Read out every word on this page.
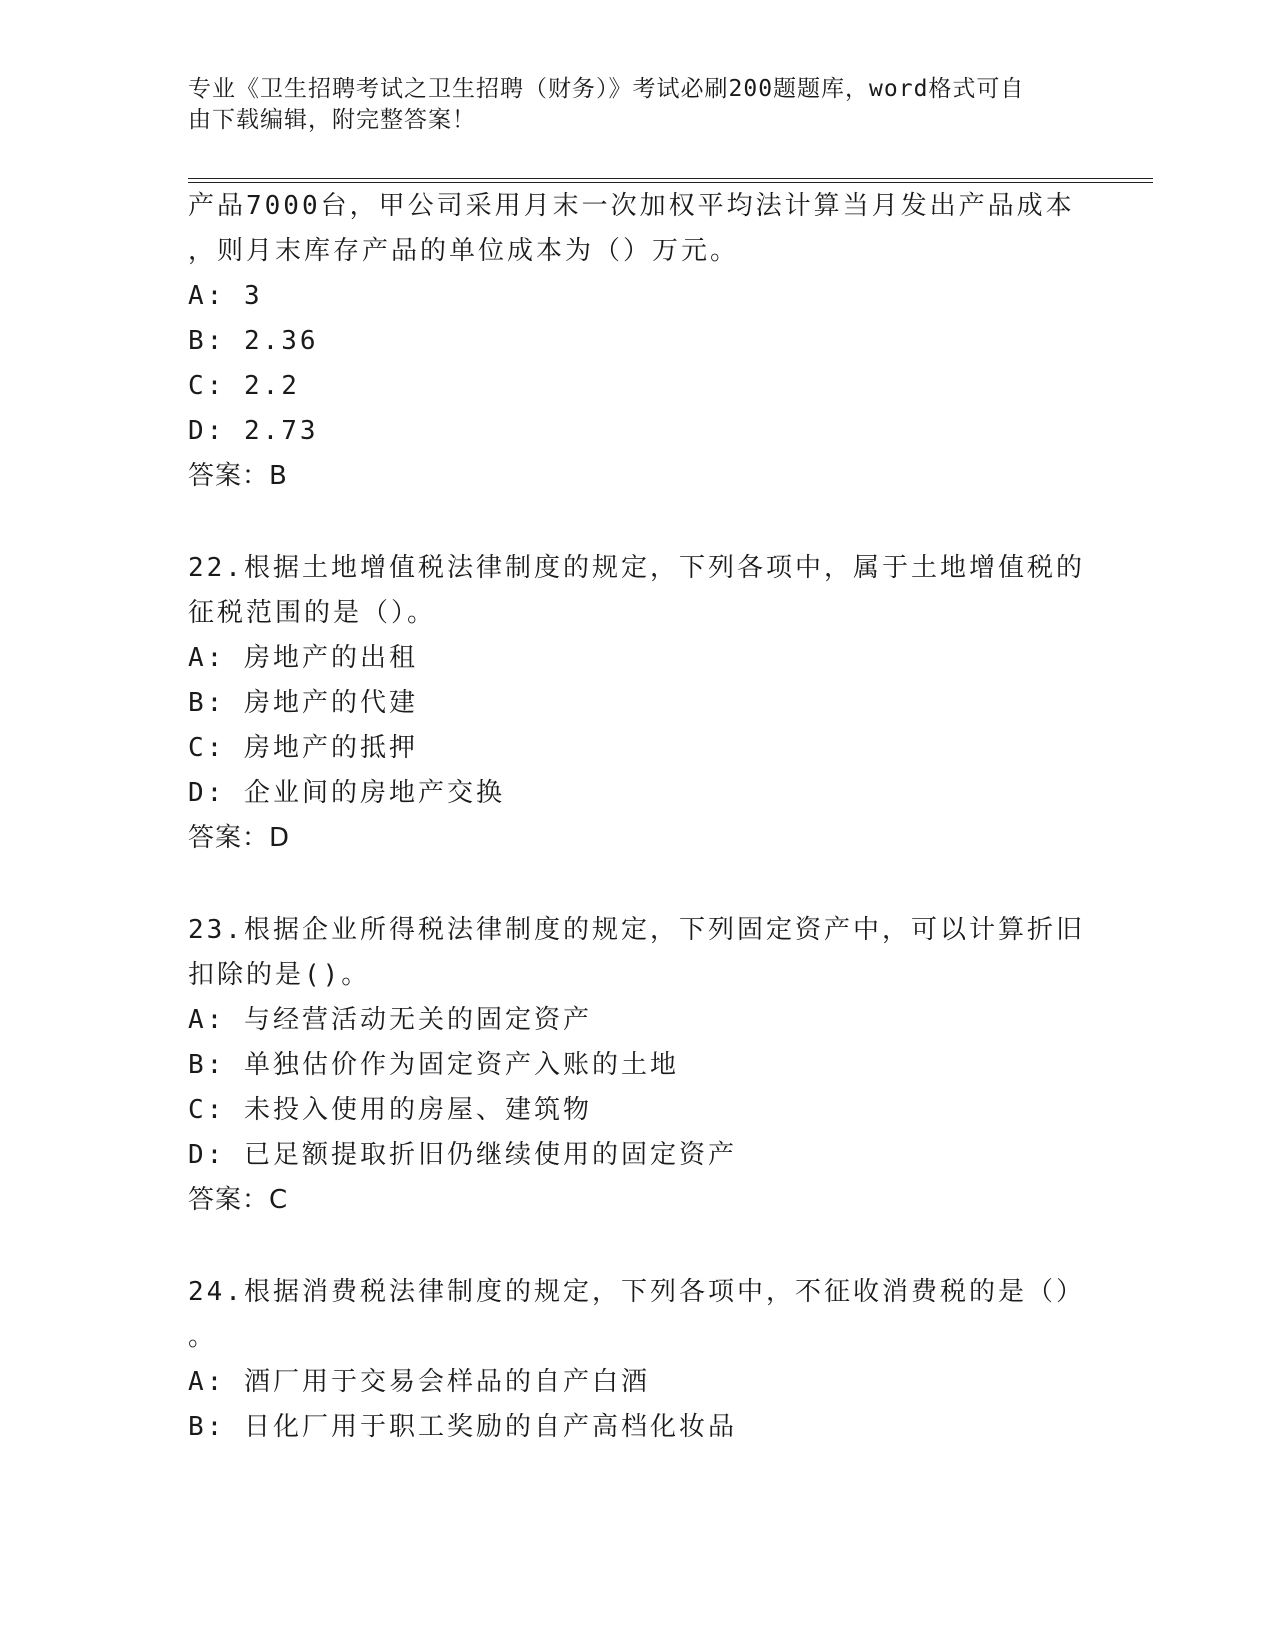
专业《卫生招聘考试之卫生招聘（财务）》考试必刷200题题库，word格式可自
由下载编辑，附完整答案！
产品7000台，甲公司采用月末一次加权平均法计算当月发出产品成本
，则月末库存产品的单位成本为（）万元。
A: 3
B: 2.36
C: 2.2
D: 2.73
答案：B
22.根据土地增值税法律制度的规定，下列各项中，属于土地增值税的
征税范围的是（）。
A: 房地产的出租
B: 房地产的代建
C: 房地产的抵押
D: 企业间的房地产交换
答案：D
23.根据企业所得税法律制度的规定，下列固定资产中，可以计算折旧
扣除的是()。
A: 与经营活动无关的固定资产
B: 单独估价作为固定资产入账的土地
C: 未投入使用的房屋、建筑物
D: 已足额提取折旧仍继续使用的固定资产
答案：C
24.根据消费税法律制度的规定，下列各项中，不征收消费税的是（）
。
A: 酒厂用于交易会样品的自产白酒
B: 日化厂用于职工奖励的自产高档化妆品
